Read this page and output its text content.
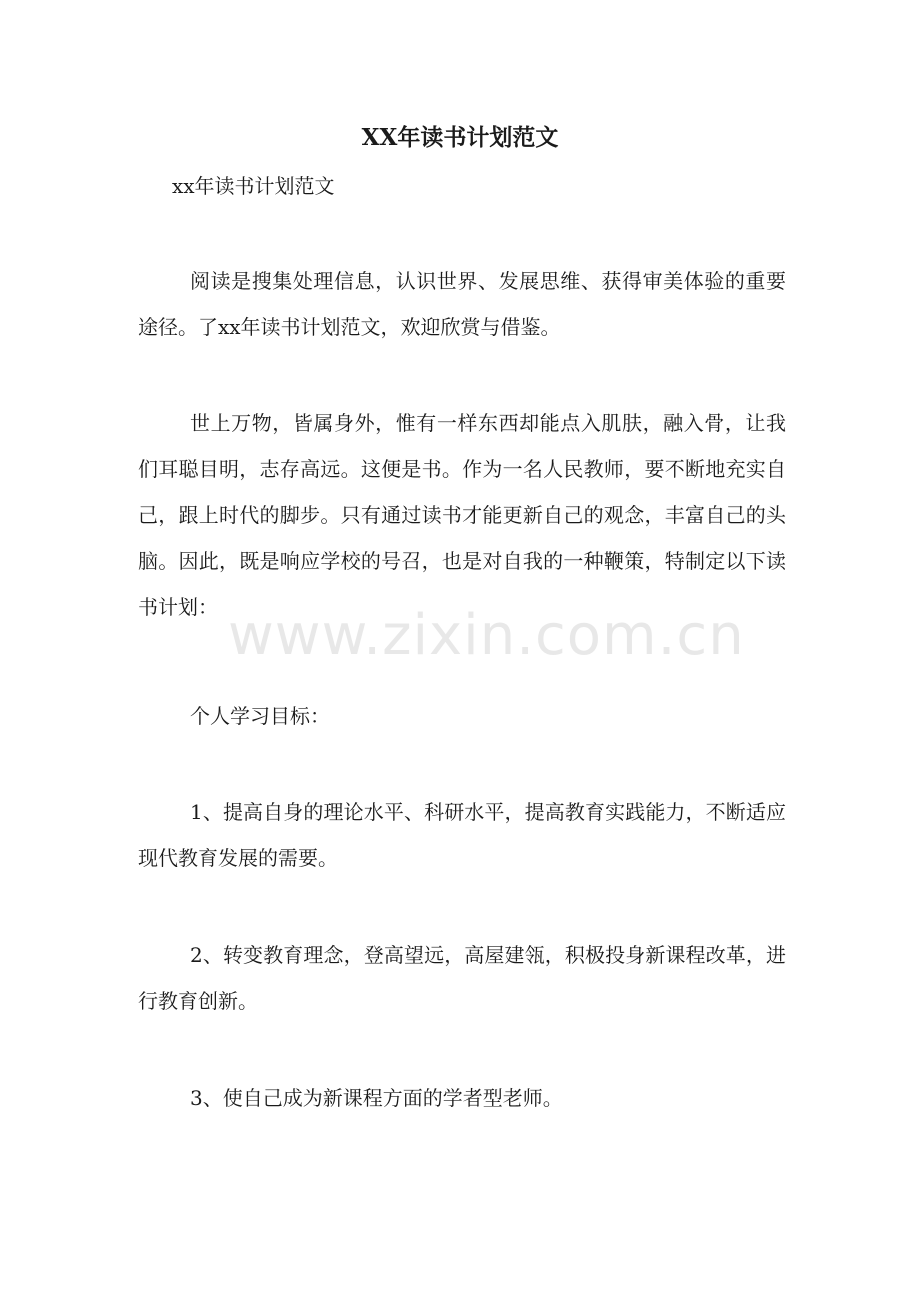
XX年读书计划范文

xx年读书计划范文

阅读是搜集处理信息，认识世界、发展思维、获得审美体验的重要途径。了xx年读书计划范文，欢迎欣赏与借鉴。

世上万物，皆属身外，惟有一样东西却能点入肌肤，融入骨，让我们耳聪目明，志存高远。这便是书。作为一名人民教师，要不断地充实自己，跟上时代的脚步。只有通过读书才能更新自己的观念，丰富自己的头脑。因此，既是响应学校的号召，也是对自我的一种鞭策，特制定以下读书计划：

个人学习目标：

1、提高自身的理论水平、科研水平，提高教育实践能力，不断适应现代教育发展的需要。

2、转变教育理念，登高望远，高屋建瓴，积极投身新课程改革，进行教育创新。

3、使自己成为新课程方面的学者型老师。

www.zixin.com.cn
